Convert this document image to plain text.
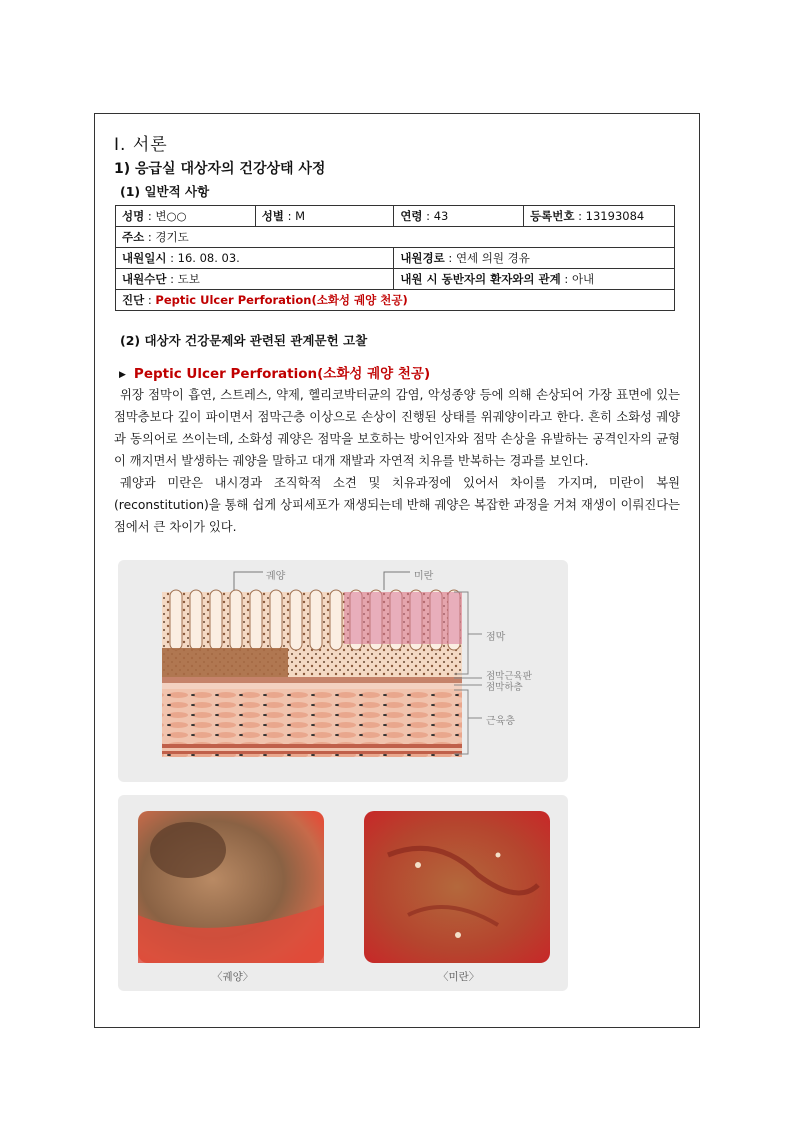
I. 서론
1) 응급실 대상자의 건강상태 사정
(1) 일반적 사항
성명 : 변○○	성별 : M	연령 : 43	등록번호 : 13193084
주소 : 경기도			
내원일시 : 16. 08. 03.		내원경로 : 연세 의원 경유	
내원수단 : 도보		내원 시 동반자의 환자와의 관계 : 아내	
진단 : Peptic Ulcer Perforation(소화성 궤양 천공)			
(2) 대상자 건강문제와 관련된 관계문헌 고찰
▶ Peptic Ulcer Perforation(소화성 궤양 천공)

위장 점막이 흡연, 스트레스, 약제, 헬리코박터균의 감염, 악성종양 등에 의해 손상되어 가장 표면에 있는 점막층보다 깊이 파이면서 점막근층 이상으로 손상이 진행된 상태를 위궤양이라고 한다. 흔히 소화성 궤양과 동의어로 쓰이는데, 소화성 궤양은 점막을 보호하는 방어인자와 점막 손상을 유발하는 공격인자의 균형이 깨지면서 발생하는 궤양을 말하고 대개 재발과 자연적 치유를 반복하는 경과를 보인다.

궤양과 미란은 내시경과 조직학적 소견 및 치유과정에 있어서 차이를 가지며, 미란이 복원(reconstitution)을 통해 쉽게 상피세포가 재생되는데 반해 궤양은 복잡한 과정을 거쳐 재생이 이뤄진다는 점에서 큰 차이가 있다.

궤양	미란
점막
점막근육판
점막하층
근육층
〈궤양〉	〈미란〉
